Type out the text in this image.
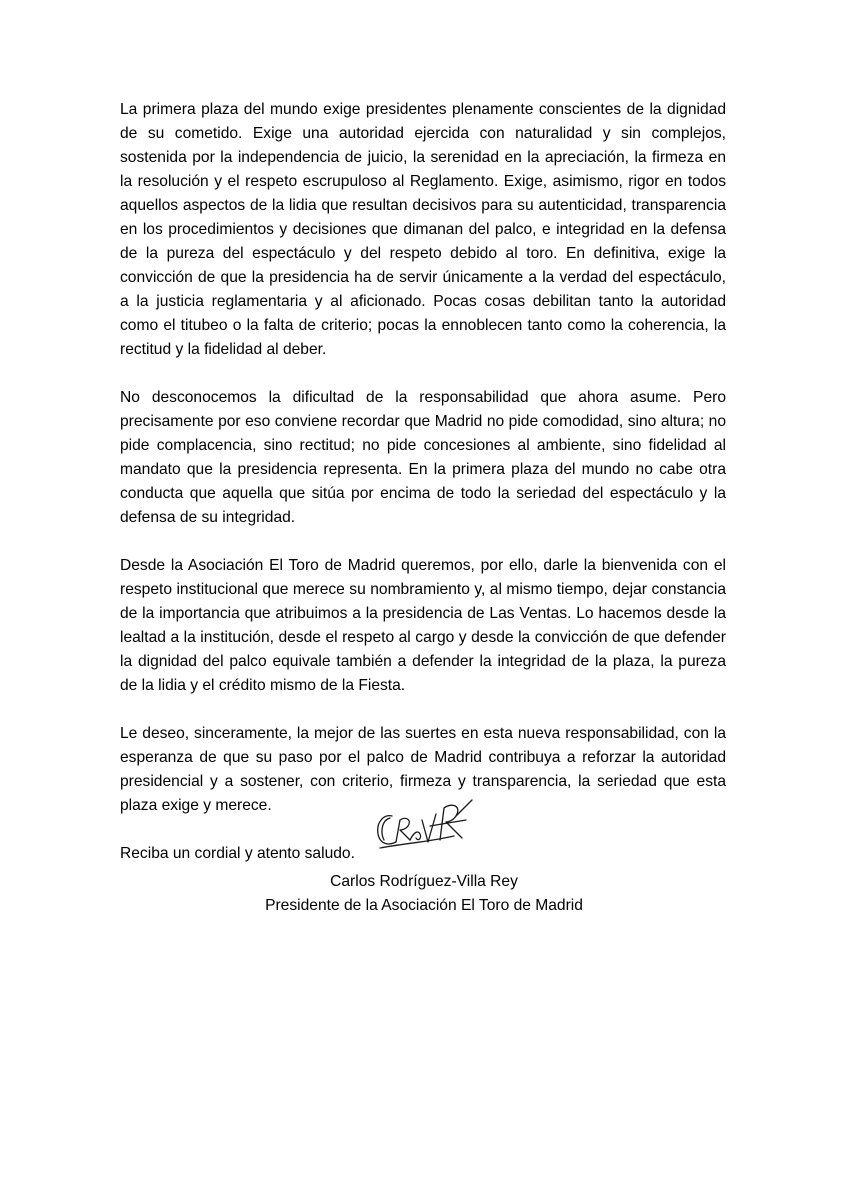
La primera plaza del mundo exige presidentes plenamente conscientes de la dignidad de su cometido. Exige una autoridad ejercida con naturalidad y sin complejos, sostenida por la independencia de juicio, la serenidad en la apreciación, la firmeza en la resolución y el respeto escrupuloso al Reglamento. Exige, asimismo, rigor en todos aquellos aspectos de la lidia que resultan decisivos para su autenticidad, transparencia en los procedimientos y decisiones que dimanan del palco, e integridad en la defensa de la pureza del espectáculo y del respeto debido al toro. En definitiva, exige la convicción de que la presidencia ha de servir únicamente a la verdad del espectáculo, a la justicia reglamentaria y al aficionado. Pocas cosas debilitan tanto la autoridad como el titubeo o la falta de criterio; pocas la ennoblecen tanto como la coherencia, la rectitud y la fidelidad al deber.

No desconocemos la dificultad de la responsabilidad que ahora asume. Pero precisamente por eso conviene recordar que Madrid no pide comodidad, sino altura; no pide complacencia, sino rectitud; no pide concesiones al ambiente, sino fidelidad al mandato que la presidencia representa. En la primera plaza del mundo no cabe otra conducta que aquella que sitúa por encima de todo la seriedad del espectáculo y la defensa de su integridad.

Desde la Asociación El Toro de Madrid queremos, por ello, darle la bienvenida con el respeto institucional que merece su nombramiento y, al mismo tiempo, dejar constancia de la importancia que atribuimos a la presidencia de Las Ventas. Lo hacemos desde la lealtad a la institución, desde el respeto al cargo y desde la convicción de que defender la dignidad del palco equivale también a defender la integridad de la plaza, la pureza de la lidia y el crédito mismo de la Fiesta.

Le deseo, sinceramente, la mejor de las suertes en esta nueva responsabilidad, con la esperanza de que su paso por el palco de Madrid contribuya a reforzar la autoridad presidencial y a sostener, con criterio, firmeza y transparencia, la seriedad que esta plaza exige y merece.

Reciba un cordial y atento saludo.

Carlos Rodríguez-Villa Rey
Presidente de la Asociación El Toro de Madrid
